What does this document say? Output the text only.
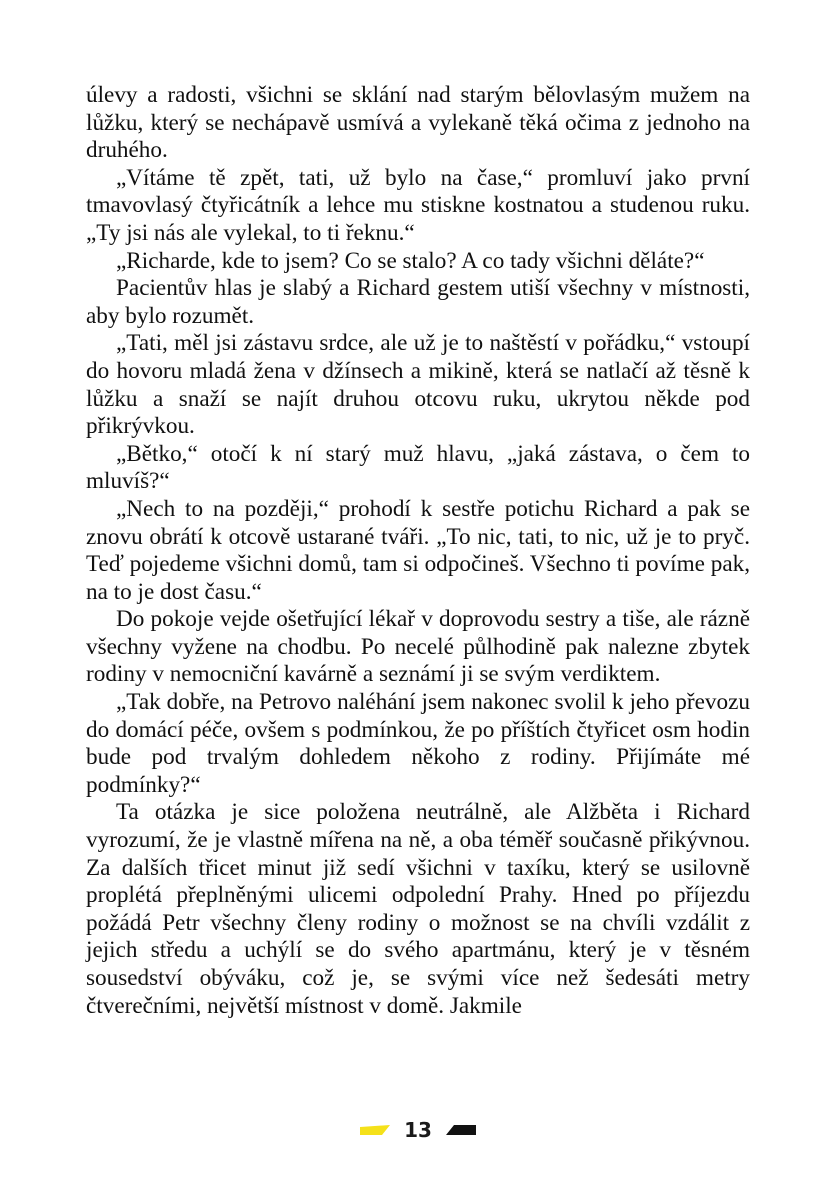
úlevy a radosti, všichni se sklání nad starým bělovlasým mužem na lůžku, který se nechápavě usmívá a vylekaně těká očima z jednoho na druhého.

„Vítáme tě zpět, tati, už bylo na čase,“ promluví jako první tmavovlasý čtyřicátník a lehce mu stiskne kostnatou a studenou ruku. „Ty jsi nás ale vylekal, to ti řeknu.“

„Richarde, kde to jsem? Co se stalo? A co tady všichni děláte?“

Pacientův hlas je slabý a Richard gestem utiší všechny v místnosti, aby bylo rozumět.

„Tati, měl jsi zástavu srdce, ale už je to naštěstí v pořádku,“ vstoupí do hovoru mladá žena v džínsech a mikině, která se natlačí až těsně k lůžku a snaží se najít druhou otcovu ruku, ukrytou někde pod přikrývkou.

„Bětko,“ otočí k ní starý muž hlavu, „jaká zástava, o čem to mluvíš?“

„Nech to na později,“ prohodí k sestře potichu Richard a pak se znovu obrátí k otcově ustarané tváři. „To nic, tati, to nic, už je to pryč. Teď pojedeme všichni domů, tam si odpočineš. Všechno ti povíme pak, na to je dost času.“

Do pokoje vejde ošetřující lékař v doprovodu sestry a tiše, ale rázně všechny vyžene na chodbu. Po necelé půlhodině pak nalezne zbytek rodiny v nemocniční kavárně a seznámí ji se svým verdiktem.

„Tak dobře, na Petrovo naléhání jsem nakonec svolil k jeho převozu do domácí péče, ovšem s podmínkou, že po příštích čtyřicet osm hodin bude pod trvalým dohledem někoho z rodiny. Přijímáte mé podmínky?“

Ta otázka je sice položena neutrálně, ale Alžběta i Richard vyrozumí, že je vlastně mířena na ně, a oba téměř současně přikývnou. Za dalších třicet minut již sedí všichni v taxíku, který se usilovně proplétá přeplněnými ulicemi odpolední Prahy. Hned po příjezdu požádá Petr všechny členy rodiny o možnost se na chvíli vzdálit z jejich středu a uchýlí se do svého apartmánu, který je v těsném sousedství obýváku, což je, se svými více než šedesáti metry čtverečními, největší místnost v domě. Jakmile

13
